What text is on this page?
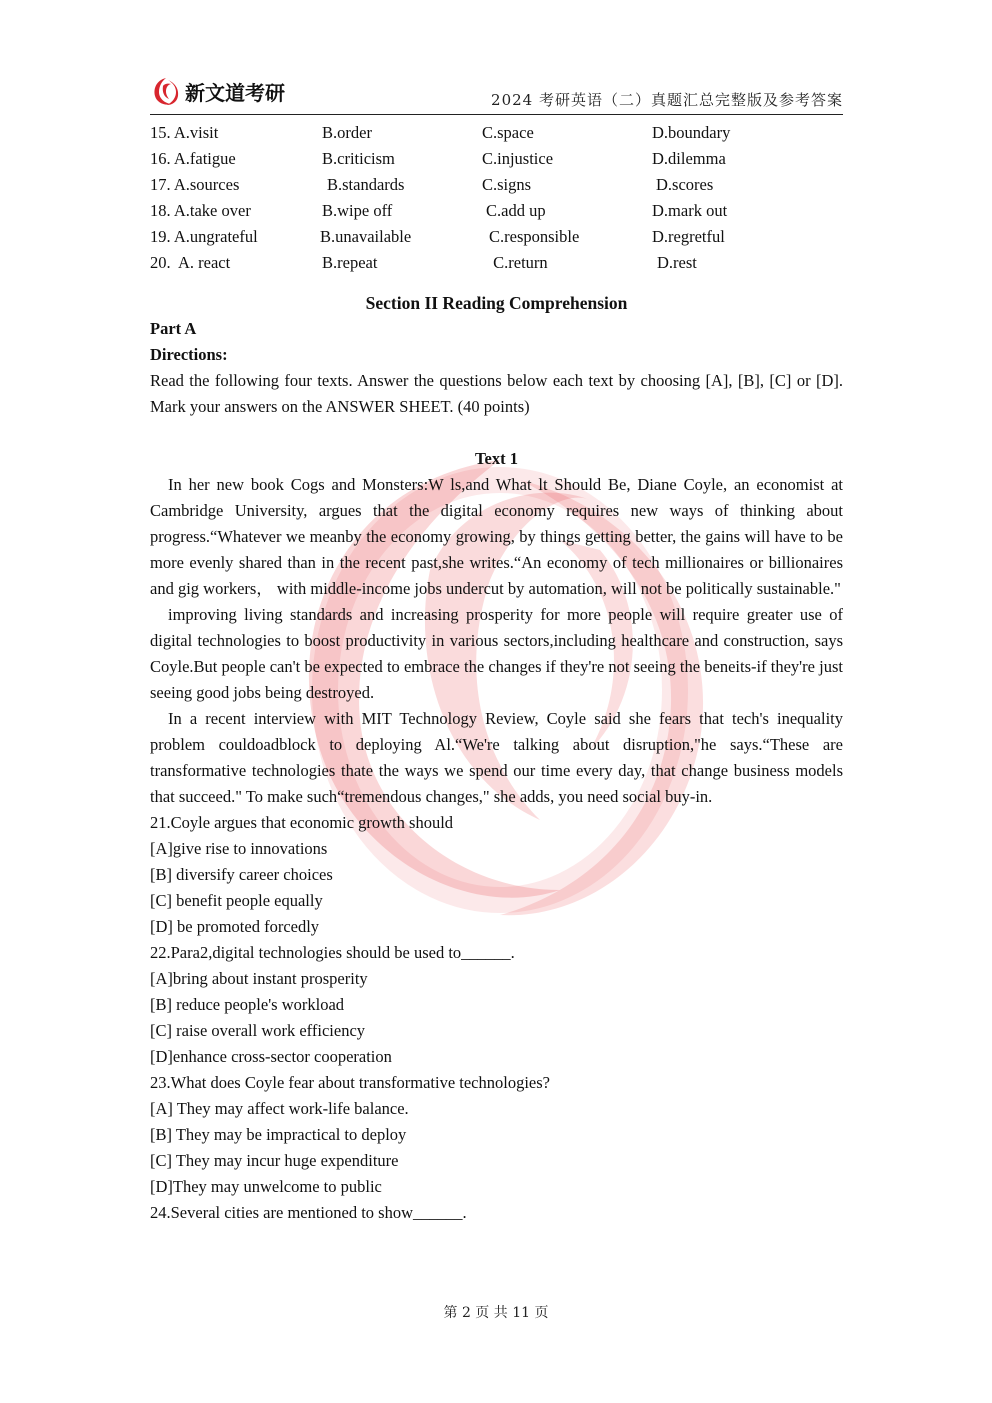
新文道考研	2024 考研英语（二）真题汇总完整版及参考答案
15. A.visit	B.order	C.space	D.boundary
16. A.fatigue	B.criticism	C.injustice	D.dilemma
17. A.sources	B.standards	C.signs	D.scores
18. A.take over	B.wipe off	C.add up	D.mark out
19. A.ungrateful	B.unavailable	C.responsible	D.regretful
20.  A. react	B.repeat	C.return	D.rest
Section II Reading Comprehension
Part A
Directions:
Read the following four texts. Answer the questions below each text by choosing [A], [B], [C] or [D]. Mark your answers on the ANSWER SHEET. (40 points)
Text 1
In her new book Cogs and Monsters:W ls,and What lt Should Be, Diane Coyle, an economist at Cambridge University, argues that the digital economy requires new ways of thinking about progress.“Whatever we meanby the economy growing, by things getting better, the gains will have to be more evenly shared than in the recent past,she writes.“An economy of tech millionaires or billionaires and gig workers， with middle-income jobs undercut by automation, will not be politically sustainable."
improving living standards and increasing prosperity for more people will require greater use of digital technologies to boost productivity in various sectors,including healthcare and construction, says Coyle.But people can't be expected to embrace the changes if they're not seeing the beneits-if they're just seeing good jobs being destroyed.
In a recent interview with MIT Technology Review, Coyle said she fears that tech's inequality problem couldoadblock to deploying Al.“We're talking about disruption,"he says.“These are transformative technologies thate the ways we spend our time every day, that change business models that succeed." To make such“tremendous changes," she adds, you need social buy-in.
21.Coyle argues that economic growth should
[A]give rise to innovations
[B] diversify career choices
[C] benefit people equally
[D] be promoted forcedly
22.Para2,digital technologies should be used to______.
[A]bring about instant prosperity
[B] reduce people's workload
[C] raise overall work efficiency
[D]enhance cross-sector cooperation
23.What does Coyle fear about transformative technologies?
[A] They may affect work-life balance.
[B] They may be impractical to deploy
[C] They may incur huge expenditure
[D]They may unwelcome to public
24.Several cities are mentioned to show______.
第 2 页 共 11 页
